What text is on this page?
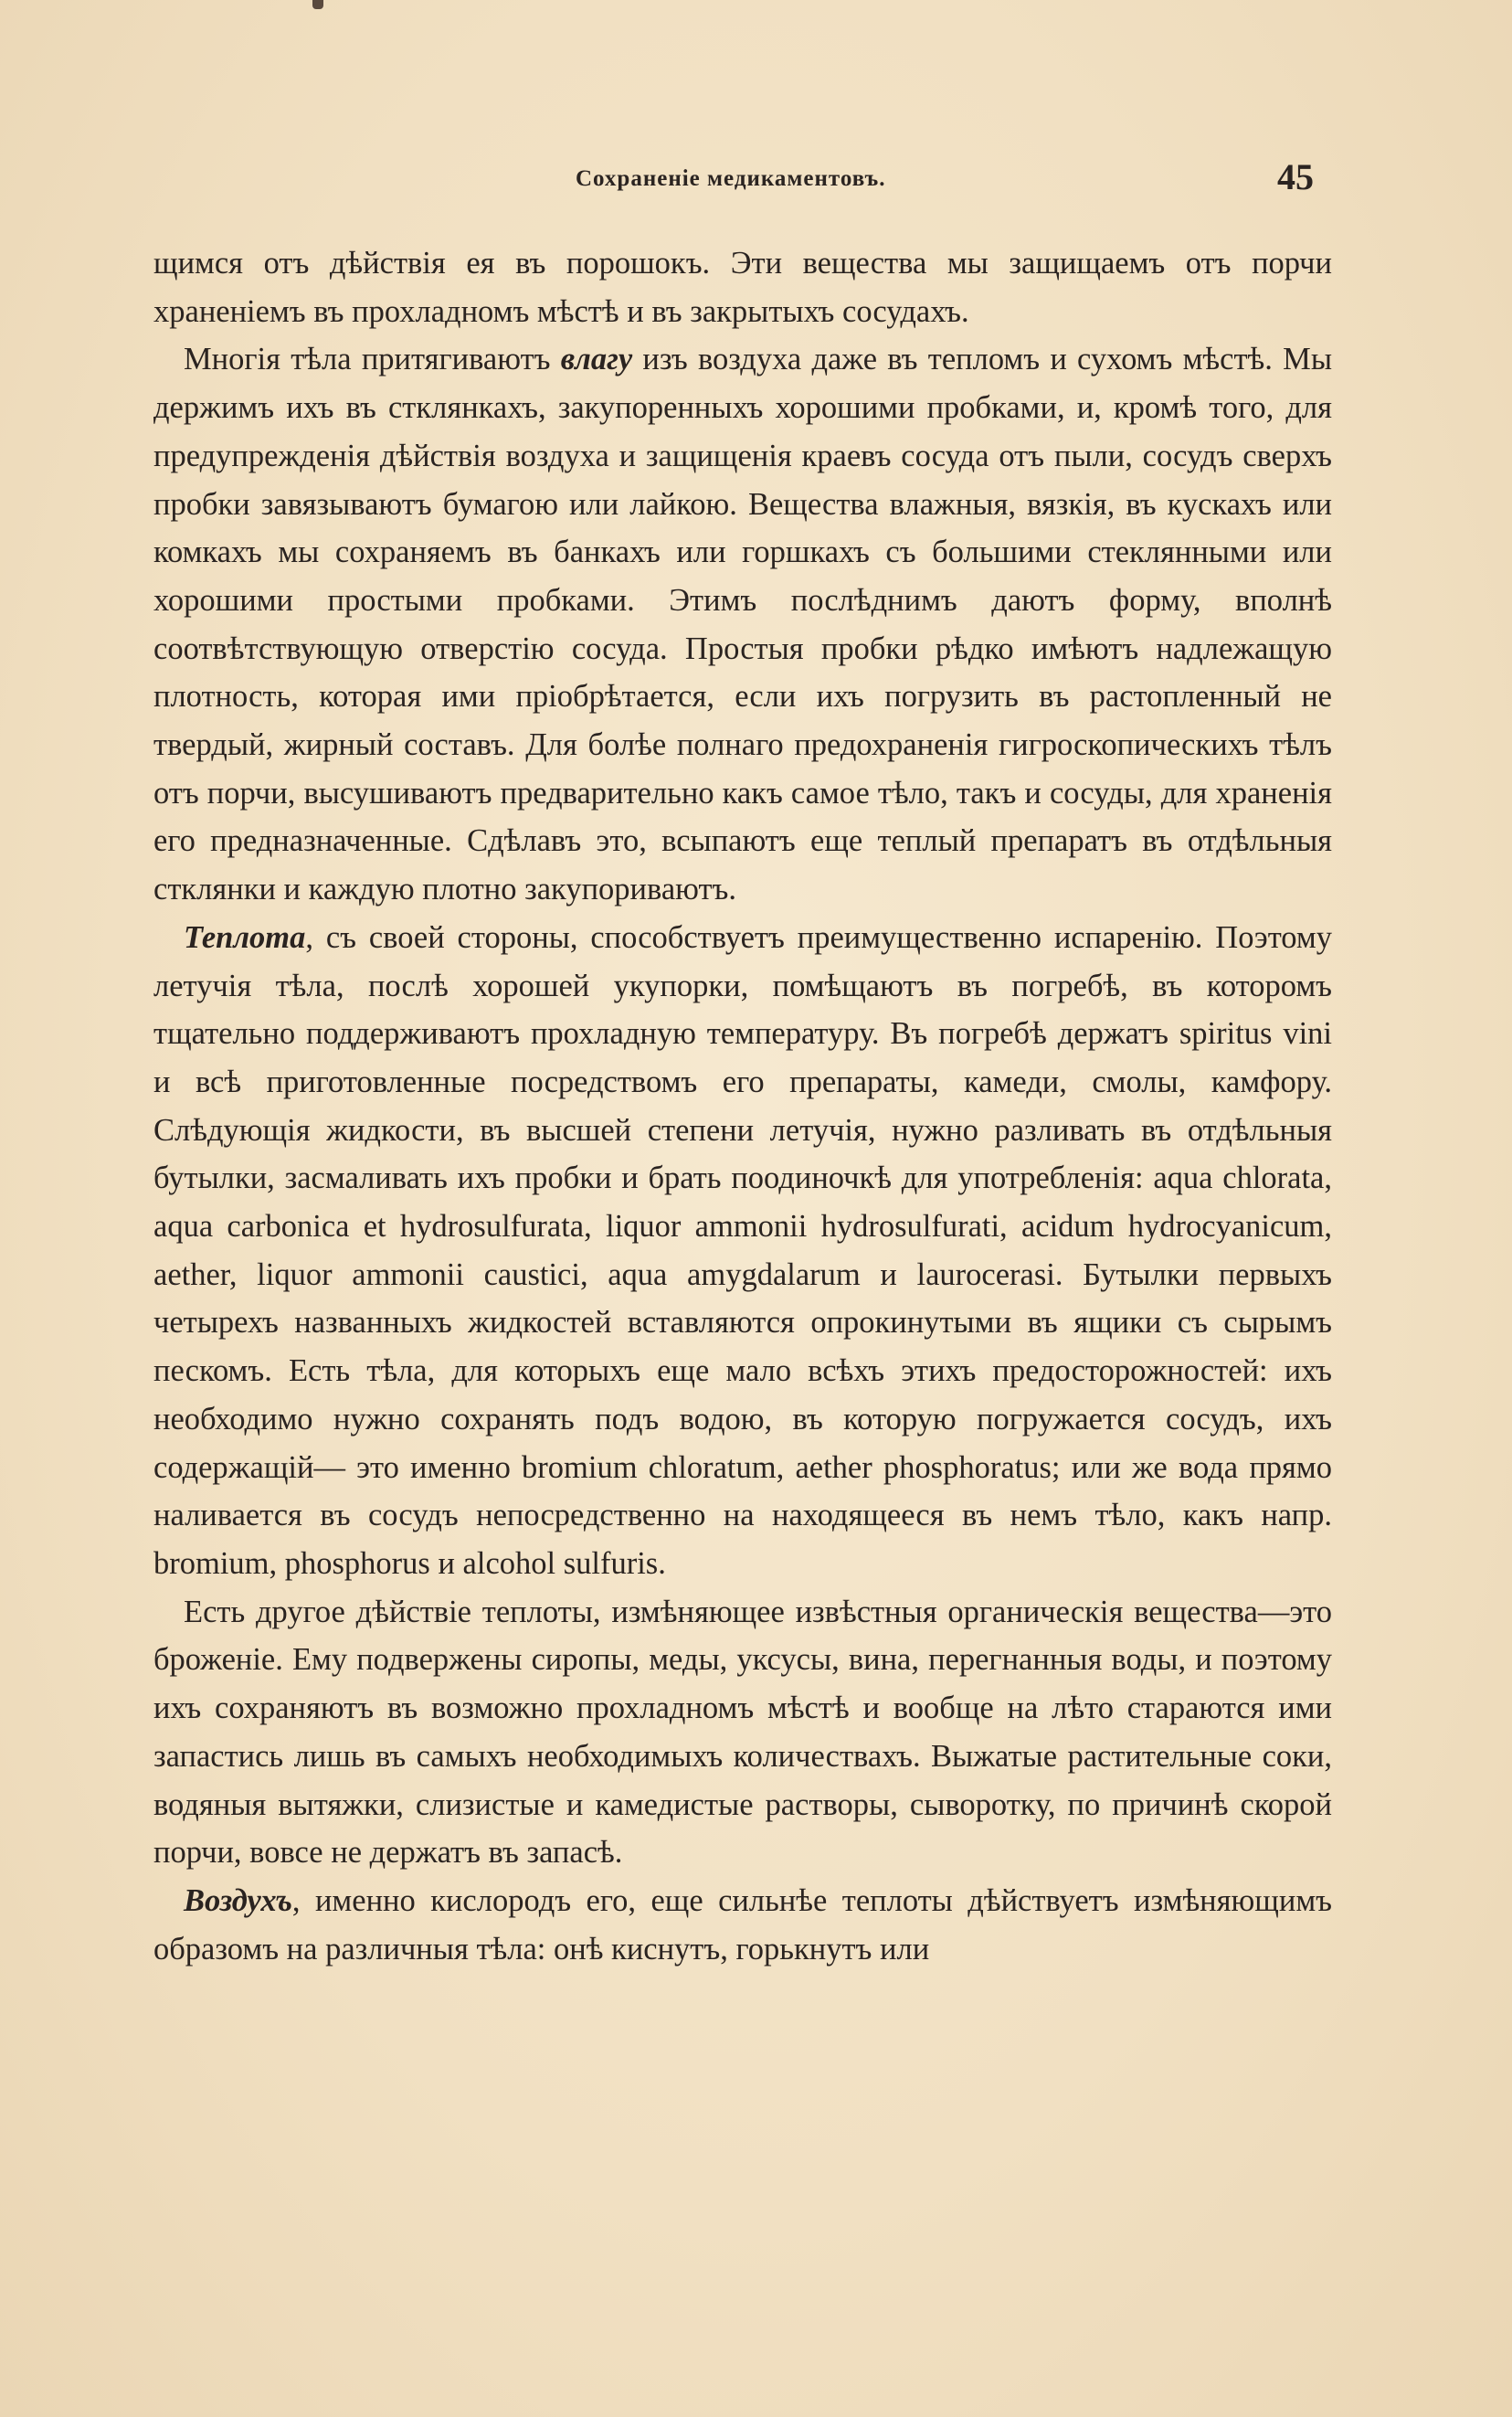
Сохраненіе медикаментовъ.	45

щимся отъ дѣйствія ея въ порошокъ. Эти вещества мы защищаемъ отъ порчи храненіемъ въ прохладномъ мѣстѣ и въ закрытыхъ сосудахъ.

Многія тѣла притягиваютъ влагу изъ воздуха даже въ тепломъ и сухомъ мѣстѣ. Мы держимъ ихъ въ стклянкахъ, закупоренныхъ хорошими пробками, и, кромѣ того, для предупрежденія дѣйствія воздуха и защищенія краевъ сосуда отъ пыли, сосудъ сверхъ пробки завязываютъ бумагою или лайкою. Вещества влажныя, вязкія, въ кускахъ или комкахъ мы сохраняемъ въ банкахъ или горшкахъ съ большими стеклянными или хорошими простыми пробками. Этимъ послѣднимъ даютъ форму, вполнѣ соотвѣтствующую отверстію сосуда. Простыя пробки рѣдко имѣютъ надлежащую плотность, которая ими пріобрѣтается, если ихъ погрузить въ растопленный не твердый, жирный составъ. Для болѣе полнаго предохраненія гигроскопическихъ тѣлъ отъ порчи, высушиваютъ предварительно какъ самое тѣло, такъ и сосуды, для храненія его предназначенные. Сдѣлавъ это, всыпаютъ еще теплый препаратъ въ отдѣльныя стклянки и каждую плотно закупориваютъ.

Теплота, съ своей стороны, способствуетъ преимущественно испаренію. Поэтому летучія тѣла, послѣ хорошей укупорки, помѣщаютъ въ погребѣ, въ которомъ тщательно поддерживаютъ прохладную температуру. Въ погребѣ держатъ spiritus vini и всѣ приготовленные посредствомъ его препараты, камеди, смолы, камфору. Слѣдующія жидкости, въ высшей степени летучія, нужно разливать въ отдѣльныя бутылки, засмаливать ихъ пробки и брать поодиночкѣ для употребленія: aqua chlorata, aqua carbonica et hydrosulfurata, liquor ammonii hydrosulfurati, acidum hydrocyanicum, aether, liquor ammonii caustici, aqua amygdalarum и laurocerasi. Бутылки первыхъ четырехъ названныхъ жидкостей вставляются опрокинутыми въ ящики съ сырымъ пескомъ. Есть тѣла, для которыхъ еще мало всѣхъ этихъ предосторожностей: ихъ необходимо нужно сохранять подъ водою, въ которую погружается сосудъ, ихъ содержащій— это именно bromium chloratum, aether phosphoratus; или же вода прямо наливается въ сосудъ непосредственно на находящееся въ немъ тѣло, какъ напр. bromium, phosphorus и alcohol sulfuris.

Есть другое дѣйствіе теплоты, измѣняющее извѣстныя органическія вещества—это броженіе. Ему подвержены сиропы, меды, уксусы, вина, перегнанныя воды, и поэтому ихъ сохраняютъ въ возможно прохладномъ мѣстѣ и вообще на лѣто стараются ими запастись лишь въ самыхъ необходимыхъ количествахъ. Выжатые растительные соки, водяныя вытяжки, слизистые и камедистые растворы, сыворотку, по причинѣ скорой порчи, вовсе не держатъ въ запасѣ.

Воздухъ, именно кислородъ его, еще сильнѣе теплоты дѣйствуетъ измѣняющимъ образомъ на различныя тѣла: онѣ киснутъ, горькнутъ или
